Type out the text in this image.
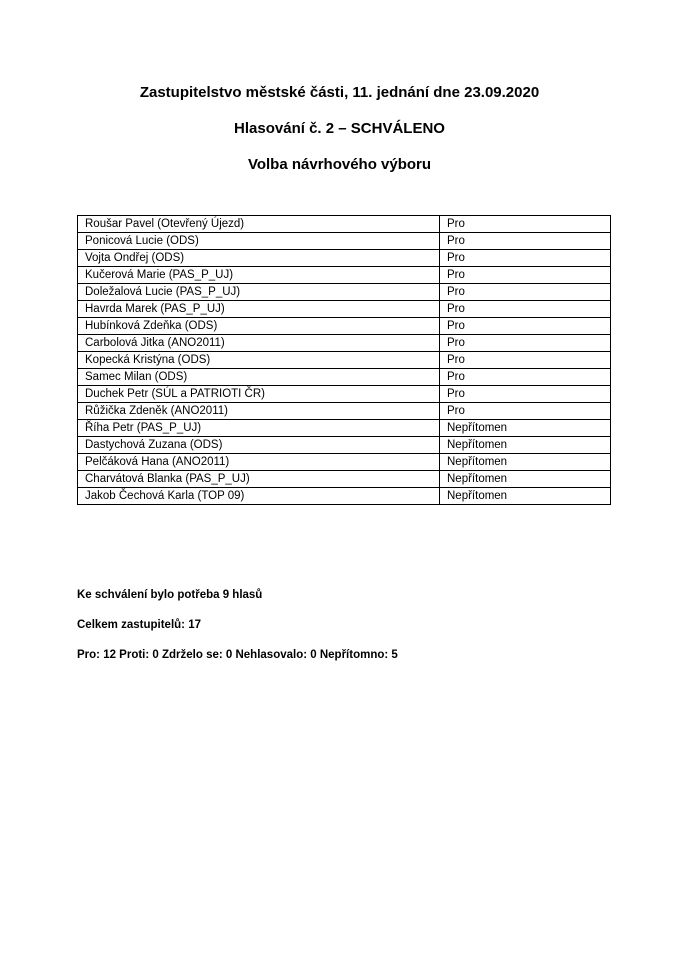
Zastupitelstvo městské části, 11. jednání dne 23.09.2020
Hlasování č. 2 – SCHVÁLENO
Volba návrhového výboru
Roušar Pavel (Otevřený Újezd)	Pro
Ponicová Lucie (ODS)	Pro
Vojta Ondřej (ODS)	Pro
Kučerová Marie (PAS_P_UJ)	Pro
Doležalová Lucie (PAS_P_UJ)	Pro
Havrda Marek (PAS_P_UJ)	Pro
Hubínková Zdeňka (ODS)	Pro
Carbolová Jitka (ANO2011)	Pro
Kopecká Kristýna (ODS)	Pro
Samec Milan (ODS)	Pro
Duchek Petr (SÚL a PATRIOTI ČR)	Pro
Růžička Zdeněk (ANO2011)	Pro
Říha Petr (PAS_P_UJ)	Nepřítomen
Dastychová Zuzana (ODS)	Nepřítomen
Pelčáková Hana (ANO2011)	Nepřítomen
Charvátová Blanka (PAS_P_UJ)	Nepřítomen
Jakob Čechová Karla (TOP 09)	Nepřítomen
Ke schválení bylo potřeba 9 hlasů
Celkem zastupitelů: 17
Pro: 12 Proti: 0 Zdrželo se: 0 Nehlasovalo: 0 Nepřítomno: 5
